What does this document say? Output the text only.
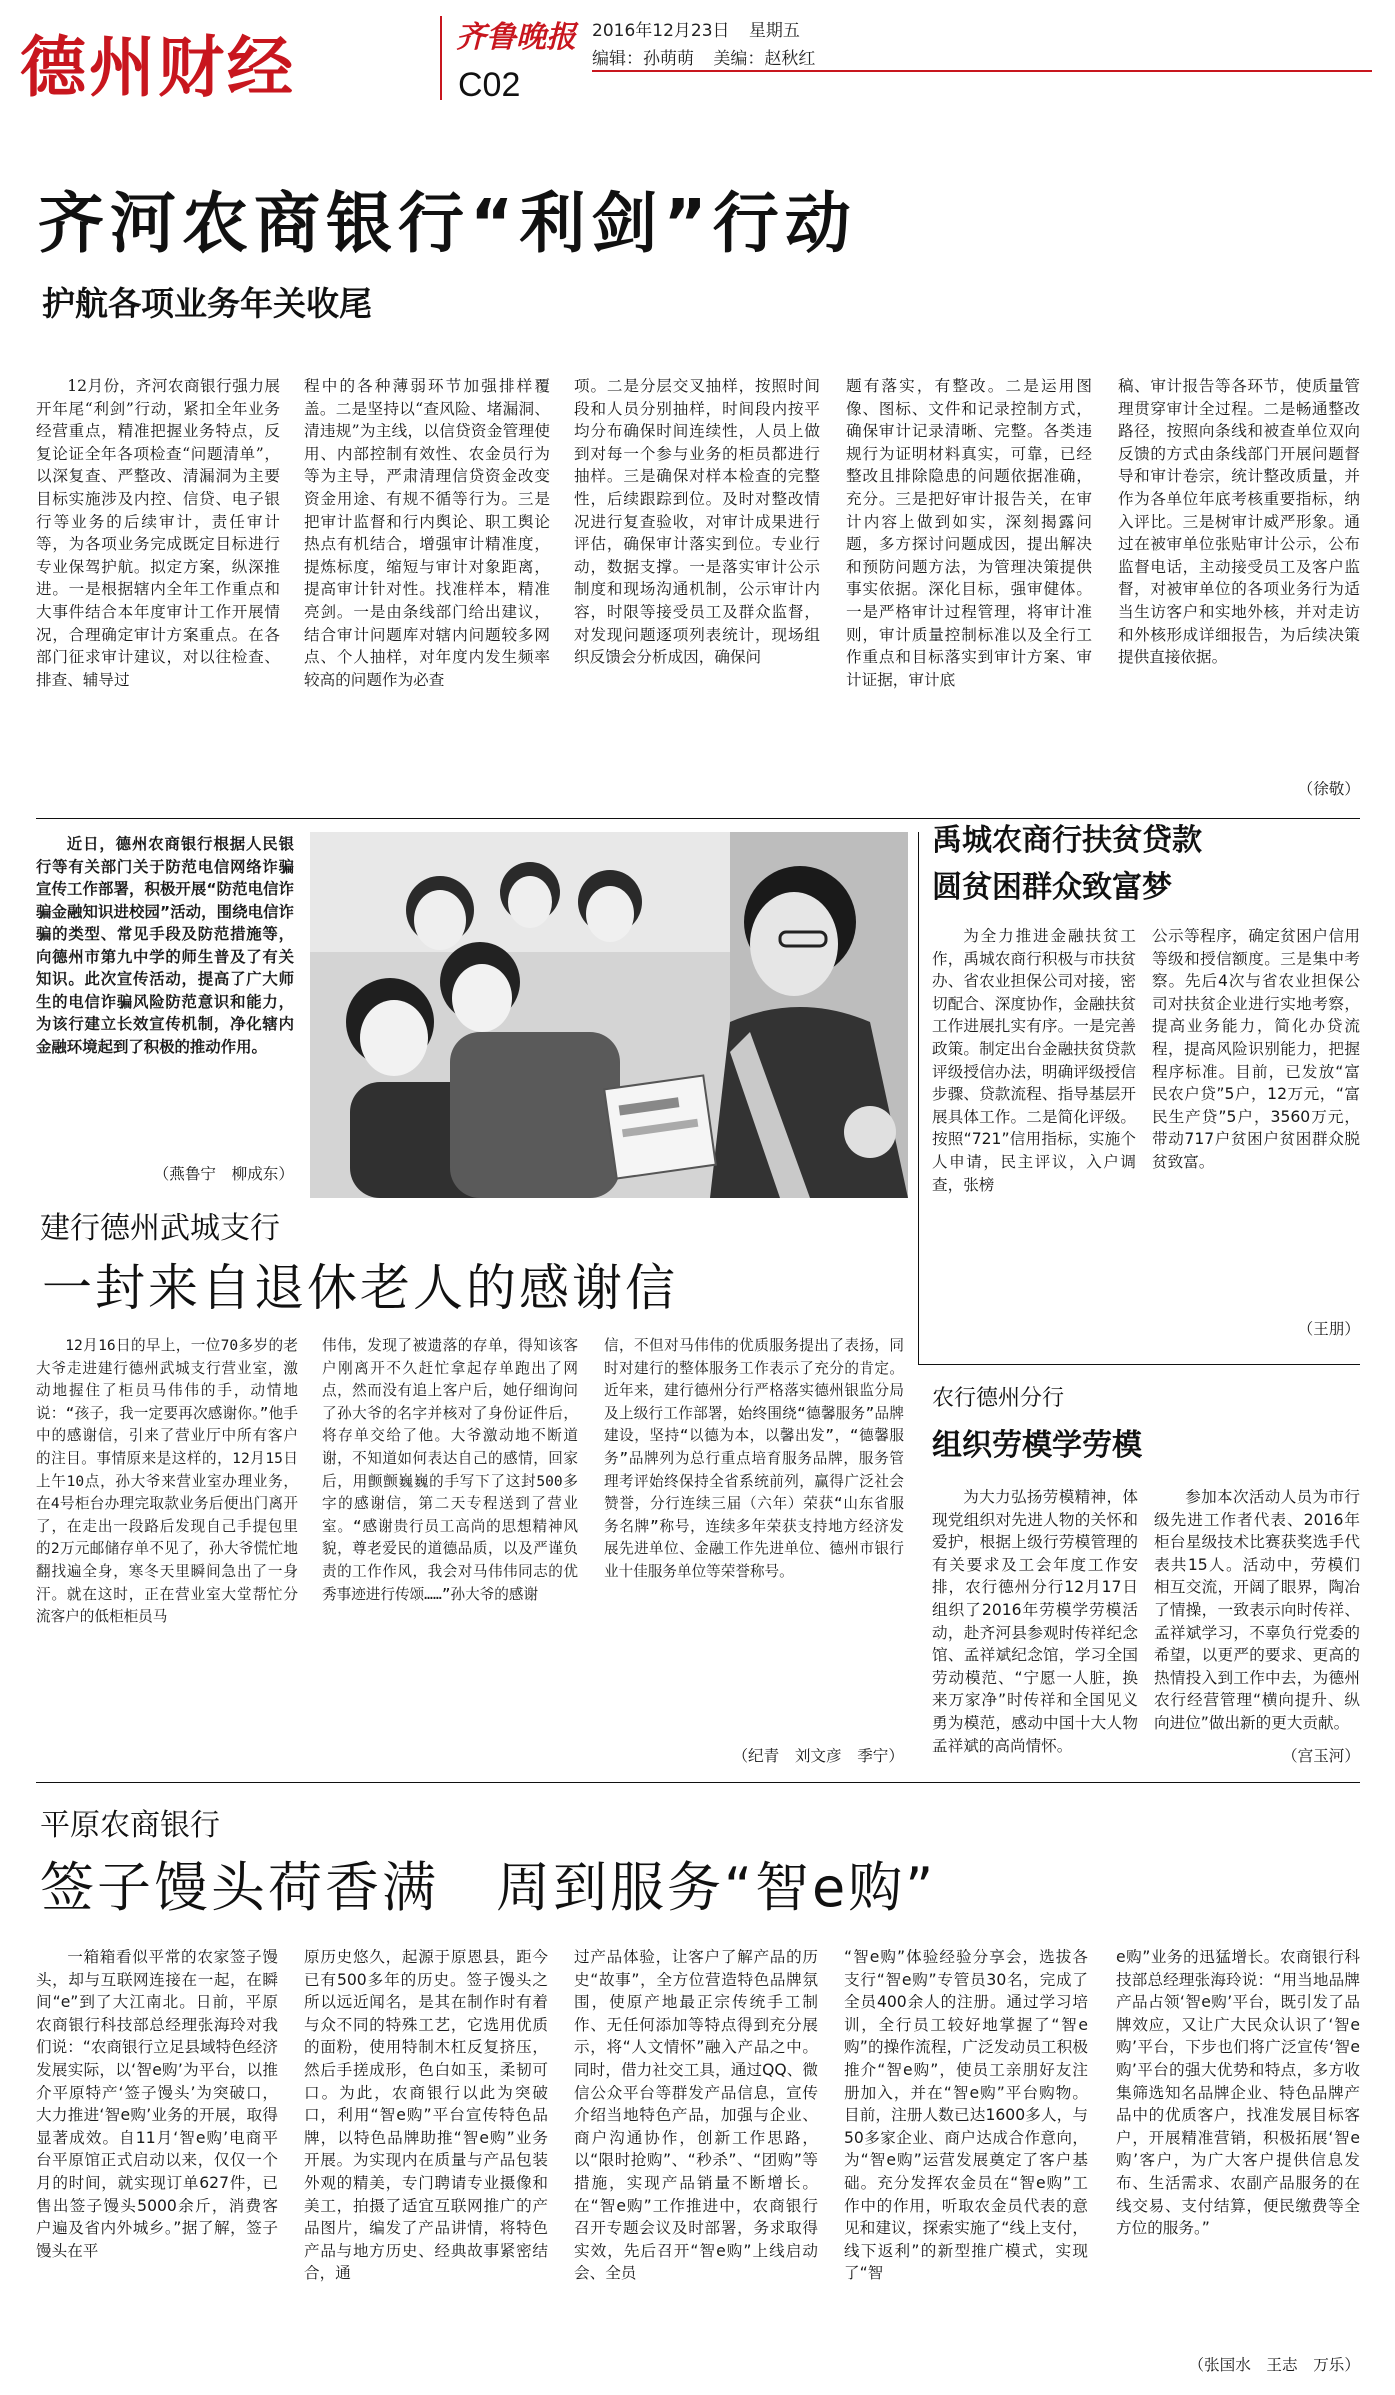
德州财经	齐鲁晚报
C02
2016年12月23日 星期五
编辑：孙萌萌 美编：赵秋红
齐河农商银行“利剑”行动
护航各项业务年关收尾

12月份，齐河农商银行强力展开年尾“利剑”行动，紧扣全年业务经营重点，精准把握业务特点，反复论证全年各项检查“问题清单”，以深复查、严整改、清漏洞为主要目标实施涉及内控、信贷、电子银行等业务的后续审计，责任审计等，为各项业务完成既定目标进行专业保驾护航。拟定方案，纵深推进。一是根据辖内全年工作重点和大事件结合本年度审计工作开展情况，合理确定审计方案重点。在各部门征求审计建议，对以往检查、排查、辅导过

程中的各种薄弱环节加强排样覆盖。二是坚持以“查风险、堵漏洞、清违规”为主线，以信贷资金管理使用、内部控制有效性、农金员行为等为主导，严肃清理信贷资金改变资金用途、有规不循等行为。三是把审计监督和行内舆论、职工舆论热点有机结合，增强审计精准度，提炼标度，缩短与审计对象距离，提高审计针对性。找准样本，精准亮剑。一是由条线部门给出建议，结合审计问题库对辖内问题较多网点、个人抽样，对年度内发生频率较高的问题作为必查

项。二是分层交叉抽样，按照时间段和人员分别抽样，时间段内按平均分布确保时间连续性，人员上做到对每一个参与业务的柜员都进行抽样。三是确保对样本检查的完整性，后续跟踪到位。及时对整改情况进行复查验收，对审计成果进行评估，确保审计落实到位。专业行动，数据支撑。一是落实审计公示制度和现场沟通机制，公示审计内容，时限等接受员工及群众监督，对发现问题逐项列表统计，现场组织反馈会分析成因，确保问

题有落实，有整改。二是运用图像、图标、文件和记录控制方式，确保审计记录清晰、完整。各类违规行为证明材料真实，可靠，已经整改且排除隐患的问题依据准确，充分。三是把好审计报告关，在审计内容上做到如实，深刻揭露问题，多方探讨问题成因，提出解决和预防问题方法，为管理决策提供事实依据。深化目标，强审健体。一是严格审计过程管理，将审计准则，审计质量控制标准以及全行工作重点和目标落实到审计方案、审计证据，审计底

稿、审计报告等各环节，使质量管理贯穿审计全过程。二是畅通整改路径，按照向条线和被查单位双向反馈的方式由条线部门开展问题督导和审计卷宗，统计整改质量，并作为各单位年底考核重要指标，纳入评比。三是树审计威严形象。通过在被审单位张贴审计公示，公布监督电话，主动接受员工及客户监督，对被审单位的各项业务行为适当生访客户和实地外核，并对走访和外核形成详细报告，为后续决策提供直接依据。

（徐敬）

近日，德州农商银行根据人民银行等有关部门关于防范电信网络诈骗宣传工作部署，积极开展“防范电信诈骗金融知识进校园”活动，围绕电信诈骗的类型、常见手段及防范措施等，向德州市第九中学的师生普及了有关知识。此次宣传活动，提高了广大师生的电信诈骗风险防范意识和能力，为该行建立长效宣传机制，净化辖内金融环境起到了积极的推动作用。

（燕鲁宁　柳成东）
禹城农商行扶贫贷款
圆贫困群众致富梦

为全力推进金融扶贫工作，禹城农商行积极与市扶贫办、省农业担保公司对接，密切配合、深度协作，金融扶贫工作进展扎实有序。一是完善政策。制定出台金融扶贫贷款评级授信办法，明确评级授信步骤、贷款流程、指导基层开展具体工作。二是简化评级。按照“721”信用指标，实施个人申请，民主评议，入户调查，张榜

公示等程序，确定贫困户信用等级和授信额度。三是集中考察。先后4次与省农业担保公司对扶贫企业进行实地考察，提高业务能力，简化办贷流程，提高风险识别能力，把握程序标准。目前，已发放“富民农户贷”5户，12万元，“富民生产贷”5户，3560万元，带动717户贫困户贫困群众脱贫致富。

（王朋）
建行德州武城支行
一封来自退休老人的感谢信

12月16日的早上，一位70多岁的老大爷走进建行德州武城支行营业室，激动地握住了柜员马伟伟的手，动情地说：“孩子，我一定要再次感谢你。”他手中的感谢信，引来了营业厅中所有客户的注目。事情原来是这样的，12月15日上午10点，孙大爷来营业室办理业务，在4号柜台办理完取款业务后便出门离开了，在走出一段路后发现自己手提包里的2万元邮储存单不见了，孙大爷慌忙地翻找遍全身，寒冬天里瞬间急出了一身汗。就在这时，正在营业室大堂帮忙分流客户的低柜柜员马

伟伟，发现了被遗落的存单，得知该客户刚离开不久赶忙拿起存单跑出了网点，然而没有追上客户后，她仔细询问了孙大爷的名字并核对了身份证件后，将存单交给了他。大爷激动地不断道谢，不知道如何表达自己的感情，回家后，用颤颤巍巍的手写下了这封500多字的感谢信，第二天专程送到了营业室。“感谢贵行员工高尚的思想精神风貌，尊老爱民的道德品质，以及严谨负责的工作作风，我会对马伟伟同志的优秀事迹进行传颂……”孙大爷的感谢

信，不但对马伟伟的优质服务提出了表扬，同时对建行的整体服务工作表示了充分的肯定。近年来，建行德州分行严格落实德州银监分局及上级行工作部署，始终围绕“德馨服务”品牌建设，坚持“以德为本，以馨出发”，“德馨服务”品牌列为总行重点培育服务品牌，服务管理考评始终保持全省系统前列，赢得广泛社会赞誉，分行连续三届（六年）荣获“山东省服务名牌”称号，连续多年荣获支持地方经济发展先进单位、金融工作先进单位、德州市银行业十佳服务单位等荣誉称号。

（纪青　刘文彦　季宁）
农行德州分行
组织劳模学劳模

为大力弘扬劳模精神，体现党组织对先进人物的关怀和爱护，根据上级行劳模管理的有关要求及工会年度工作安排，农行德州分行12月17日组织了2016年劳模学劳模活动，赴齐河县参观时传祥纪念馆、孟祥斌纪念馆，学习全国劳动模范、“宁愿一人脏，换来万家净”时传祥和全国见义勇为模范，感动中国十大人物孟祥斌的高尚情怀。

参加本次活动人员为市行级先进工作者代表、2016年柜台星级技术比赛获奖选手代表共15人。活动中，劳模们相互交流，开阔了眼界，陶冶了情操，一致表示向时传祥、孟祥斌学习，不辜负行党委的希望，以更严的要求、更高的热情投入到工作中去，为德州农行经营管理“横向提升、纵向进位”做出新的更大贡献。

（宫玉河）
平原农商银行
签子馒头荷香满　周到服务“智e购”

一箱箱看似平常的农家签子馒头，却与互联网连接在一起，在瞬间“e”到了大江南北。日前，平原农商银行科技部总经理张海玲对我们说：“农商银行立足县域特色经济发展实际，以‘智e购’为平台，以推介平原特产‘签子馒头’为突破口，大力推进‘智e购’业务的开展，取得显著成效。自11月‘智e购’电商平台平原馆正式启动以来，仅仅一个月的时间，就实现订单627件，已售出签子馒头5000余斤，消费客户遍及省内外城乡。”据了解，签子馒头在平

原历史悠久，起源于原恩县，距今已有500多年的历史。签子馒头之所以远近闻名，是其在制作时有着与众不同的特殊工艺，它选用优质的面粉，使用特制木杠反复挤压，然后手搓成形，色白如玉，柔韧可口。为此，农商银行以此为突破口，利用“智e购”平台宣传特色品牌，以特色品牌助推“智e购”业务开展。为实现内在质量与产品包装外观的精美，专门聘请专业摄像和美工，拍摄了适宜互联网推广的产品图片，编发了产品讲情，将特色产品与地方历史、经典故事紧密结合，通

过产品体验，让客户了解产品的历史“故事”，全方位营造特色品牌氛围，使原产地最正宗传统手工制作、无任何添加等特点得到充分展示，将“人文情怀”融入产品之中。同时，借力社交工具，通过QQ、微信公众平台等群发产品信息，宣传介绍当地特色产品，加强与企业、商户沟通协作，创新工作思路，以“限时抢购”、“秒杀”、“团购”等措施，实现产品销量不断增长。在“智e购”工作推进中，农商银行召开专题会议及时部署，务求取得实效，先后召开“智e购”上线启动会、全员

“智e购”体验经验分享会，选拔各支行“智e购”专管员30名，完成了全员400余人的注册。通过学习培训，全行员工较好地掌握了“智e购”的操作流程，广泛发动员工积极推介“智e购”，使员工亲朋好友注册加入，并在“智e购”平台购物。目前，注册人数已达1600多人，与50多家企业、商户达成合作意向，为“智e购”运营发展奠定了客户基础。充分发挥农金员在“智e购”工作中的作用，听取农金员代表的意见和建议，探索实施了“线上支付，线下返利”的新型推广模式，实现了“智

e购”业务的迅猛增长。农商银行科技部总经理张海玲说：“用当地品牌产品占领‘智e购’平台，既引发了品牌效应，又让广大民众认识了‘智e购’平台，下步也们将广泛宣传‘智e购’平台的强大优势和特点，多方收集筛选知名品牌企业、特色品牌产品中的优质客户，找准发展目标客户，开展精准营销，积极拓展‘智e购’客户，为广大客户提供信息发布、生活需求、农副产品服务的在线交易、支付结算，便民缴费等全方位的服务。”

（张国水　王志　万乐）
